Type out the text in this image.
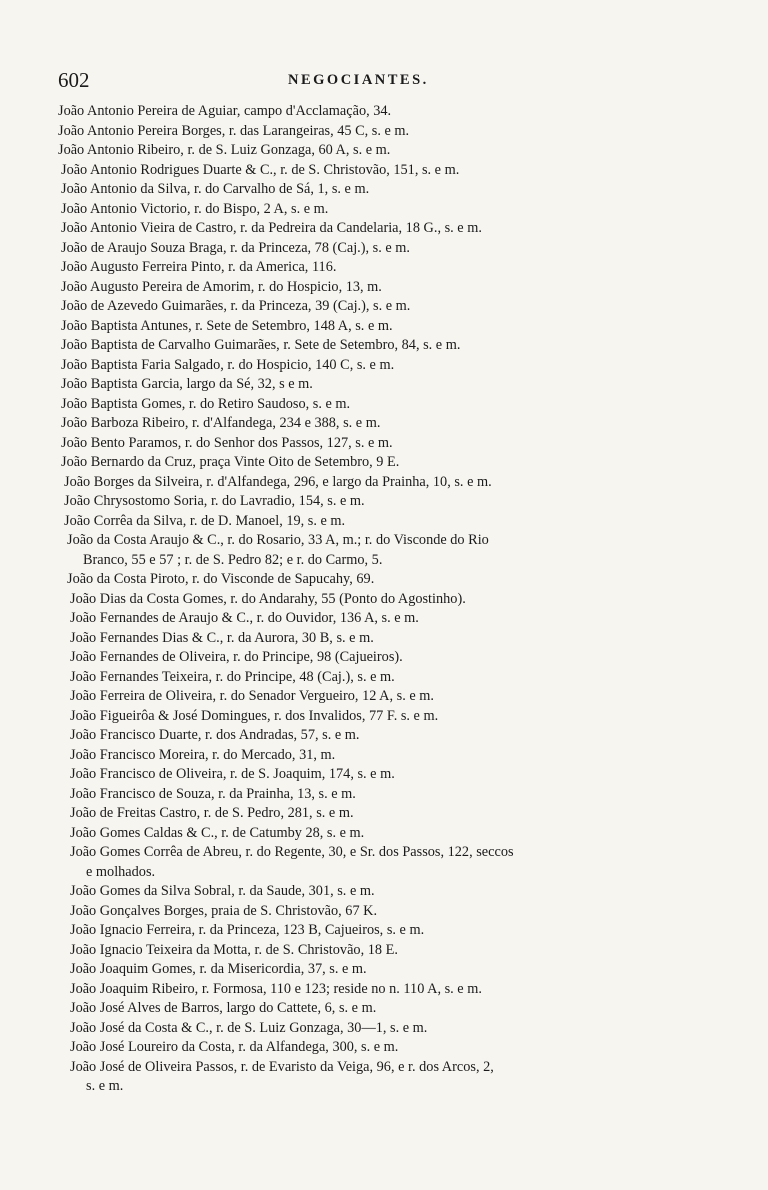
602	NEGOCIANTES.
João Antonio Pereira de Aguiar, campo d'Acclamação, 34.
João Antonio Pereira Borges, r. das Larangeiras, 45 C, s. e m.
João Antonio Ribeiro, r. de S. Luiz Gonzaga, 60 A, s. e m.
João Antonio Rodrigues Duarte & C., r. de S. Christovão, 151, s. e m.
João Antonio da Silva, r. do Carvalho de Sá, 1, s. e m.
João Antonio Victorio, r. do Bispo, 2 A, s. e m.
João Antonio Vieira de Castro, r. da Pedreira da Candelaria, 18 G., s. e m.
João de Araujo Souza Braga, r. da Princeza, 78 (Caj.), s. e m.
João Augusto Ferreira Pinto, r. da America, 116.
João Augusto Pereira de Amorim, r. do Hospicio, 13, m.
João de Azevedo Guimarães, r. da Princeza, 39 (Caj.), s. e m.
João Baptista Antunes, r. Sete de Setembro, 148 A, s. e m.
João Baptista de Carvalho Guimarães, r. Sete de Setembro, 84, s. e m.
João Baptista Faria Salgado, r. do Hospicio, 140 C, s. e m.
João Baptista Garcia, largo da Sé, 32, s e m.
João Baptista Gomes, r. do Retiro Saudoso, s. e m.
João Barboza Ribeiro, r. d'Alfandega, 234 e 388, s. e m.
João Bento Paramos, r. do Senhor dos Passos, 127, s. e m.
João Bernardo da Cruz, praça Vinte Oito de Setembro, 9 E.
João Borges da Silveira, r. d'Alfandega, 296, e largo da Prainha, 10, s. e m.
João Chrysostomo Soria, r. do Lavradio, 154, s. e m.
João Corrêa da Silva, r. de D. Manoel, 19, s. e m.
João da Costa Araujo & C., r. do Rosario, 33 A, m.; r. do Visconde do Rio
Branco, 55 e 57 ; r. de S. Pedro 82; e r. do Carmo, 5.
João da Costa Piroto, r. do Visconde de Sapucahy, 69.
João Dias da Costa Gomes, r. do Andarahy, 55 (Ponto do Agostinho).
João Fernandes de Araujo & C., r. do Ouvidor, 136 A, s. e m.
João Fernandes Dias & C., r. da Aurora, 30 B, s. e m.
João Fernandes de Oliveira, r. do Principe, 98 (Cajueiros).
João Fernandes Teixeira, r. do Principe, 48 (Caj.), s. e m.
João Ferreira de Oliveira, r. do Senador Vergueiro, 12 A, s. e m.
João Figueirôa & José Domingues, r. dos Invalidos, 77 F. s. e m.
João Francisco Duarte, r. dos Andradas, 57, s. e m.
João Francisco Moreira, r. do Mercado, 31, m.
João Francisco de Oliveira, r. de S. Joaquim, 174, s. e m.
João Francisco de Souza, r. da Prainha, 13, s. e m.
João de Freitas Castro, r. de S. Pedro, 281, s. e m.
João Gomes Caldas & C., r. de Catumby 28, s. e m.
João Gomes Corrêa de Abreu, r. do Regente, 30, e Sr. dos Passos, 122, seccos
e molhados.
João Gomes da Silva Sobral, r. da Saude, 301, s. e m.
João Gonçalves Borges, praia de S. Christovão, 67 K.
João Ignacio Ferreira, r. da Princeza, 123 B, Cajueiros, s. e m.
João Ignacio Teixeira da Motta, r. de S. Christovão, 18 E.
João Joaquim Gomes, r. da Misericordia, 37, s. e m.
João Joaquim Ribeiro, r. Formosa, 110 e 123; reside no n. 110 A, s. e m.
João José Alves de Barros, largo do Cattete, 6, s. e m.
João José da Costa & C., r. de S. Luiz Gonzaga, 30—1, s. e m.
João José Loureiro da Costa, r. da Alfandega, 300, s. e m.
João José de Oliveira Passos, r. de Evaristo da Veiga, 96, e r. dos Arcos, 2,
s. e m.
